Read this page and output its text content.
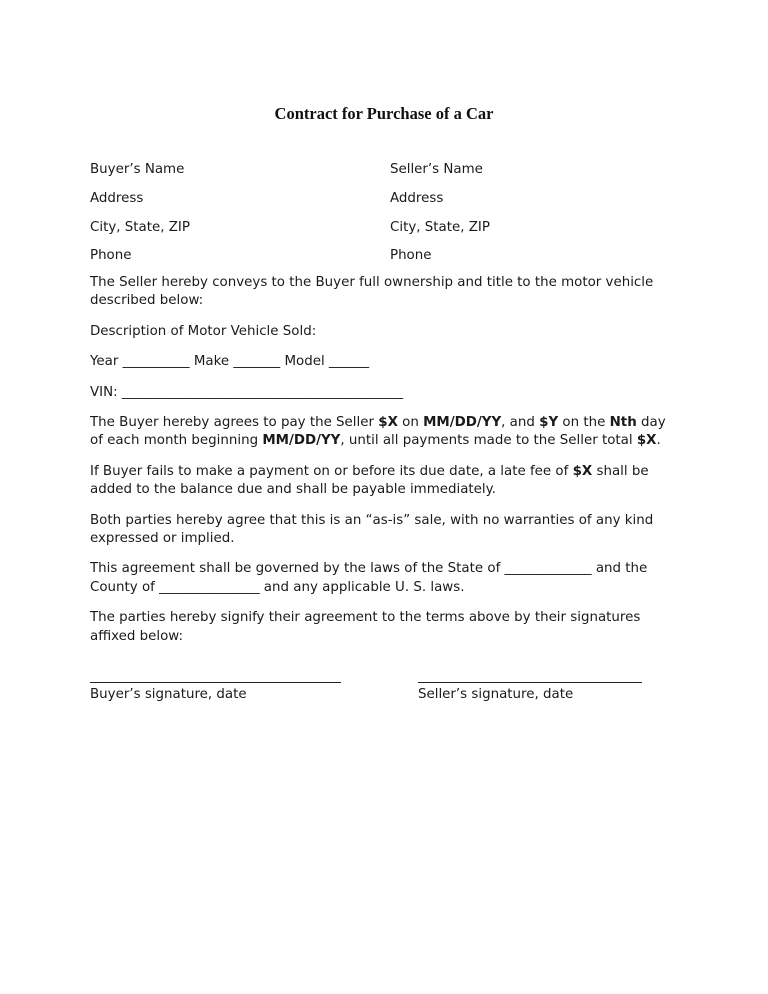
Contract for Purchase of a Car
Buyer’s Name
Address
City, State, ZIP
Phone
Seller’s Name
Address
City, State, ZIP
Phone

The Seller hereby conveys to the Buyer full ownership and title to the motor vehicle described below:

Description of Motor Vehicle Sold:

Year __________ Make _______ Model ______

VIN: __________________________________________

The Buyer hereby agrees to pay the Seller $X on MM/DD/YY, and $Y on the Nth day of each month beginning MM/DD/YY, until all payments made to the Seller total $X.

If Buyer fails to make a payment on or before its due date, a late fee of $X shall be added to the balance due and shall be payable immediately.

Both parties hereby agree that this is an “as-is” sale, with no warranties of any kind expressed or implied.

This agreement shall be governed by the laws of the State of _____________ and the County of _______________ and any applicable U. S. laws.

The parties hereby signify their agreement to the terms above by their signatures affixed below:

Buyer’s signature, date	Seller’s signature, date
